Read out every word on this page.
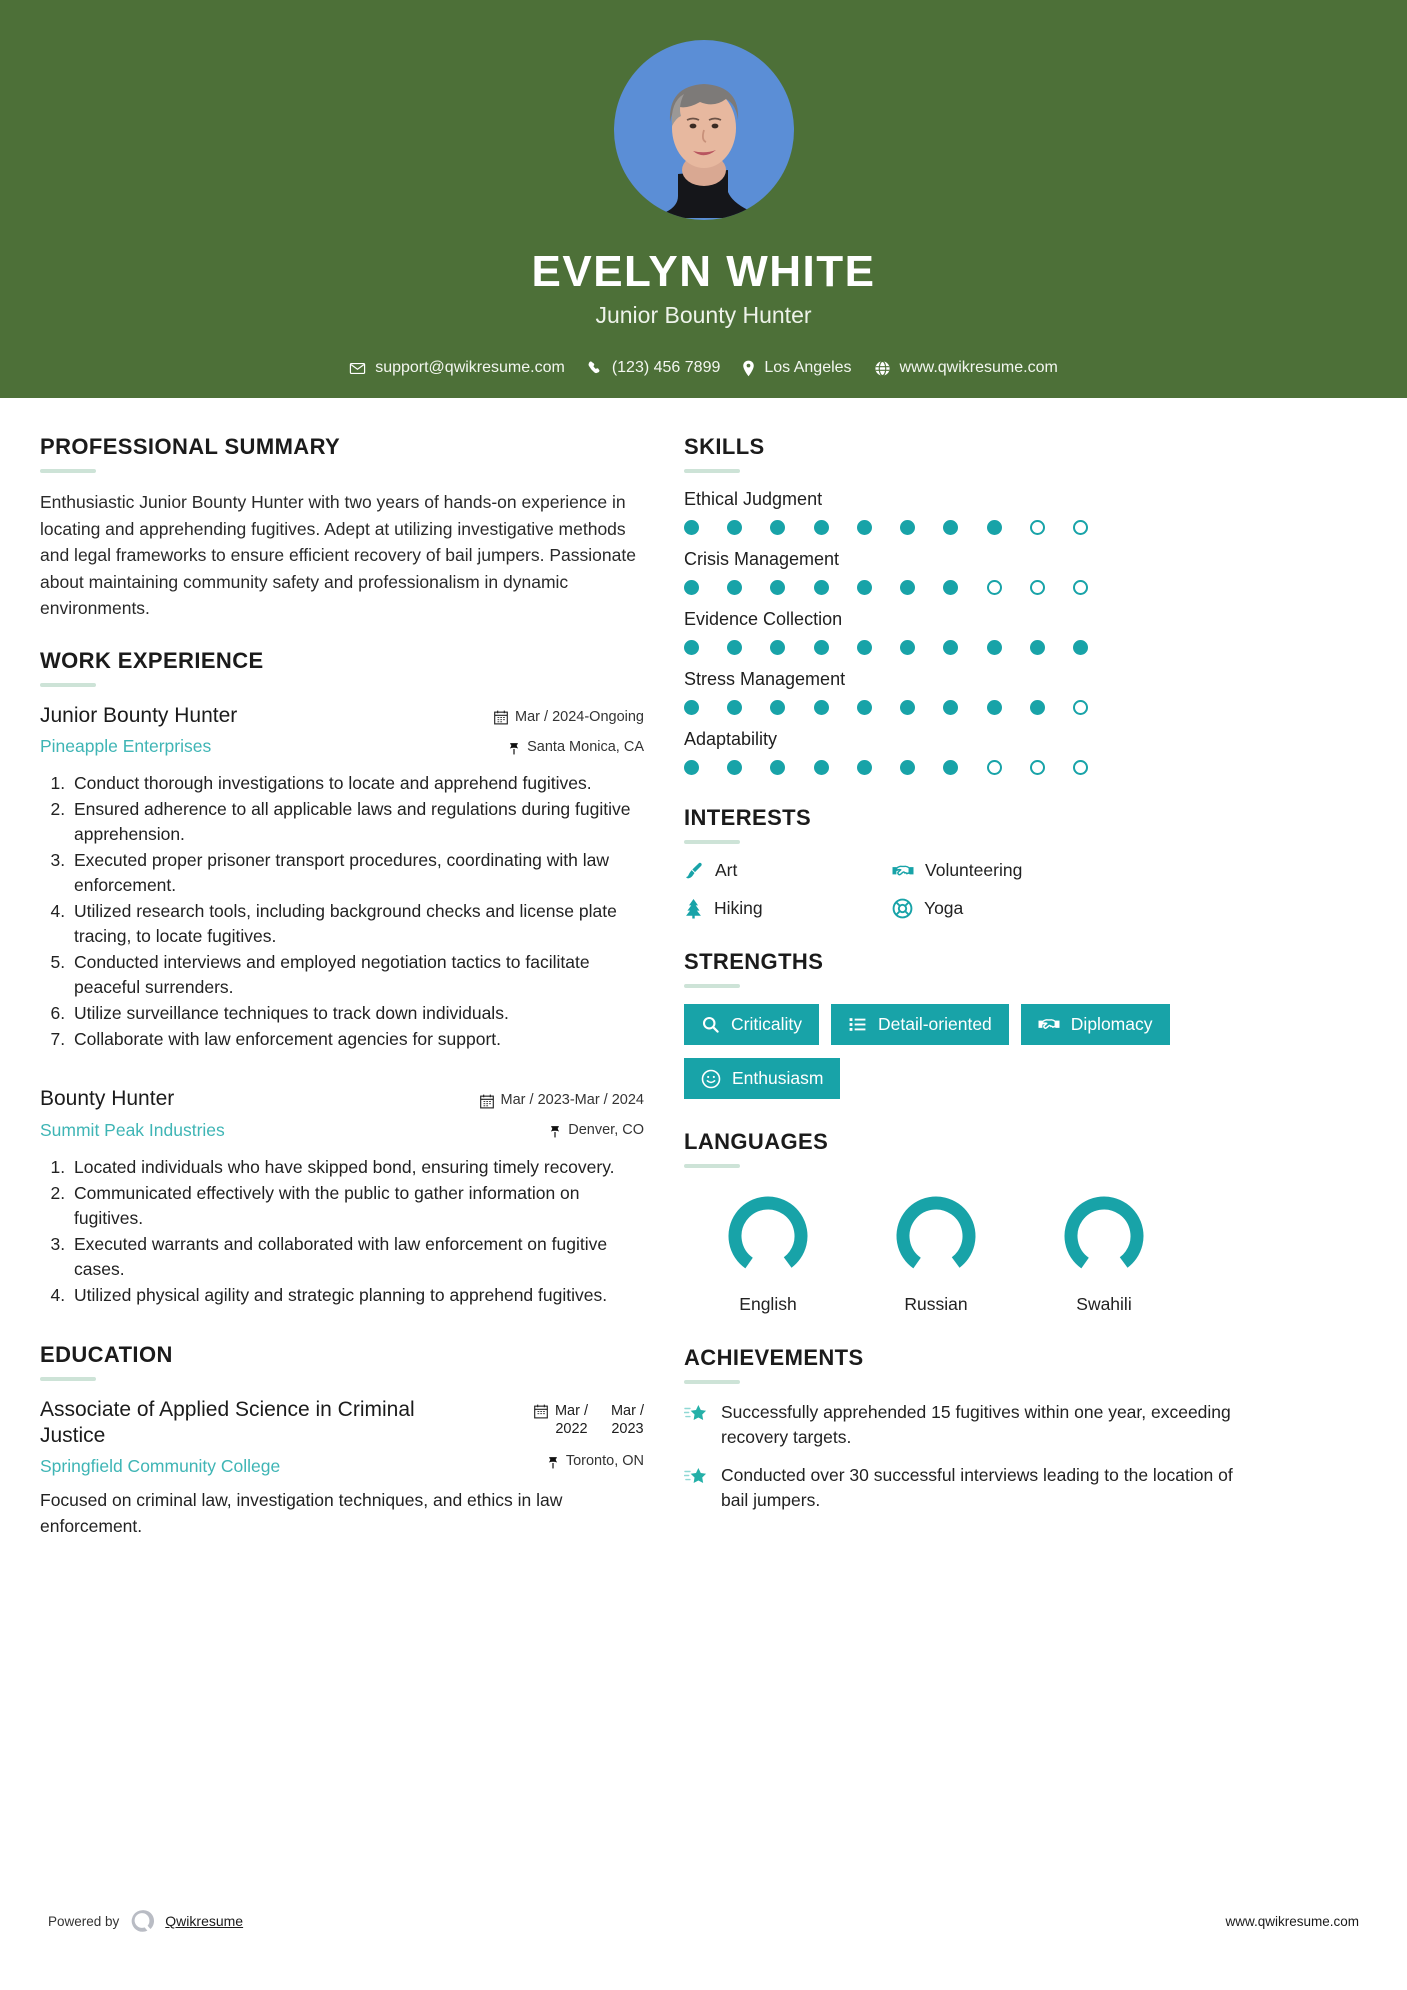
EVELYN WHITE
Junior Bounty Hunter
support@qwikresume.com	(123) 456 7899	Los Angeles	www.qwikresume.com
PROFESSIONAL SUMMARY
Enthusiastic Junior Bounty Hunter with two years of hands-on experience in locating and apprehending fugitives. Adept at utilizing investigative methods and legal frameworks to ensure efficient recovery of bail jumpers. Passionate about maintaining community safety and professionalism in dynamic environments.
WORK EXPERIENCE
Junior Bounty Hunter
Pineapple Enterprises
Mar / 2024-Ongoing
Santa Monica, CA
1. Conduct thorough investigations to locate and apprehend fugitives.
2. Ensured adherence to all applicable laws and regulations during fugitive apprehension.
3. Executed proper prisoner transport procedures, coordinating with law enforcement.
4. Utilized research tools, including background checks and license plate tracing, to locate fugitives.
5. Conducted interviews and employed negotiation tactics to facilitate peaceful surrenders.
6. Utilize surveillance techniques to track down individuals.
7. Collaborate with law enforcement agencies for support.
Bounty Hunter
Summit Peak Industries
Mar / 2023-Mar / 2024
Denver, CO
1. Located individuals who have skipped bond, ensuring timely recovery.
2. Communicated effectively with the public to gather information on fugitives.
3. Executed warrants and collaborated with law enforcement on fugitive cases.
4. Utilized physical agility and strategic planning to apprehend fugitives.
EDUCATION
Associate of Applied Science in Criminal Justice
Springfield Community College
Mar /
2022
Mar /
2023
Toronto, ON
Focused on criminal law, investigation techniques, and ethics in law enforcement.
SKILLS
Ethical Judgment
Crisis Management
Evidence Collection
Stress Management
Adaptability
INTERESTS
Art	Volunteering
Hiking	Yoga
STRENGTHS
Criticality	Detail-oriented	Diplomacy
Enthusiasm
LANGUAGES
English	Russian	Swahili
ACHIEVEMENTS
Successfully apprehended 15 fugitives within one year, exceeding recovery targets.
Conducted over 30 successful interviews leading to the location of bail jumpers.
Powered by	Qwikresume	www.qwikresume.com
